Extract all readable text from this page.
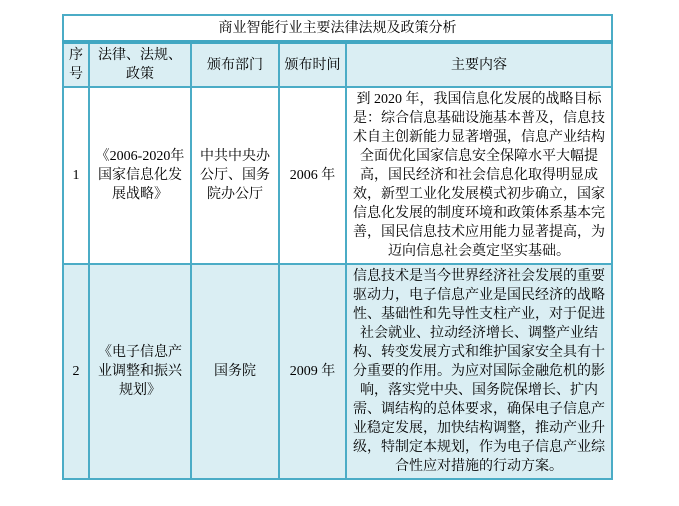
商业智能行业主要法律法规及政策分析				
序号	法律、法规、政策	颁布部门	颁布时间	主要内容
1	《2006-2020年国家信息化发展战略》	中共中央办公厅、国务院办公厅	2006 年	到 2020 年，我国信息化发展的战略目标是：综合信息基础设施基本普及，信息技术自主创新能力显著增强，信息产业结构全面优化国家信息安全保障水平大幅提高，国民经济和社会信息化取得明显成效，新型工业化发展模式初步确立，国家信息化发展的制度环境和政策体系基本完善，国民信息技术应用能力显著提高，为迈向信息社会奠定坚实基础。
2	《电子信息产业调整和振兴规划》	国务院	2009 年	信息技术是当今世界经济社会发展的重要驱动力，电子信息产业是国民经济的战略性、基础性和先导性支柱产业，对于促进社会就业、拉动经济增长、调整产业结构、转变发展方式和维护国家安全具有十分重要的作用。为应对国际金融危机的影响，落实党中央、国务院保增长、扩内需、调结构的总体要求，确保电子信息产业稳定发展，加快结构调整，推动产业升级，特制定本规划，作为电子信息产业综合性应对措施的行动方案。
